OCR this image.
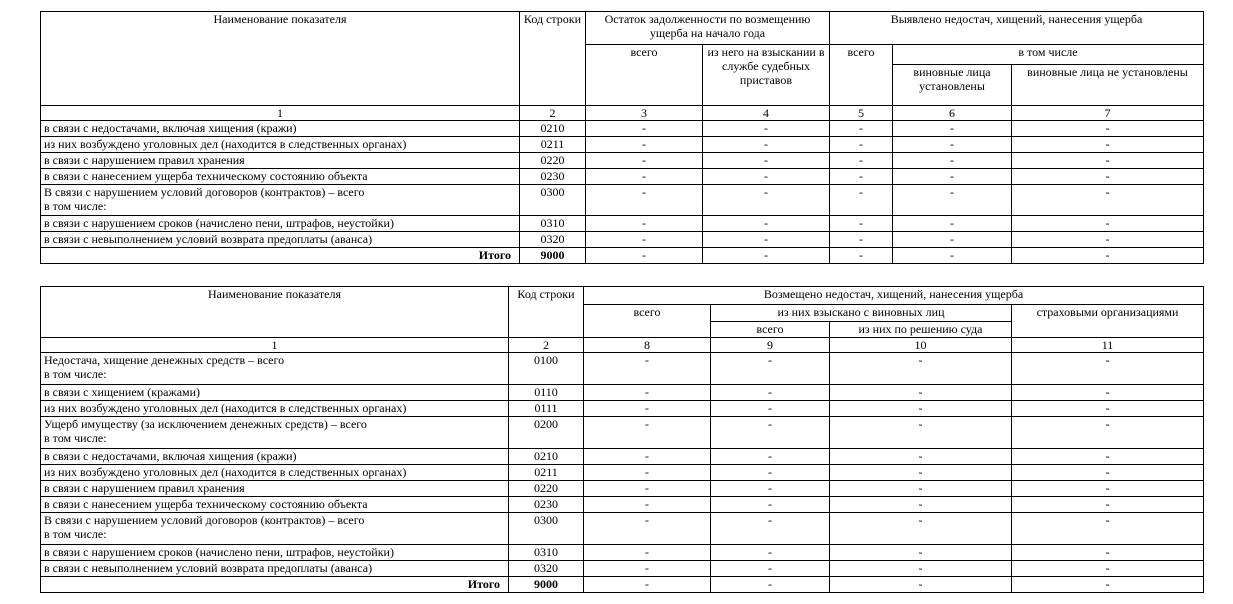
Наименование показателя	Код строки	Остаток задолженности по возмещению ущерба на начало года		Выявлено недостач, хищений, нанесения ущерба		
		всего	из него на взыскании в службе судебных приставов	всего	в том числе	
					виновные лица установлены	виновные лица не установлены
1	2	3	4	5	6	7
в связи с недостачами, включая хищения (кражи)	0210	-	-	-	-	-
из них возбуждено уголовных дел (находится в следственных органах)	0211	-	-	-	-	-
в связи с нарушением правил хранения	0220	-	-	-	-	-
в связи с нанесением ущерба техническому состоянию объекта	0230	-	-	-	-	-

В связи с нарушением условий договоров (контрактов) – всего
в том числе:	0300	-	-	-	-	-
в связи с нарушением сроков (начислено пени, штрафов, неустойки)	0310	-	-	-	-	-
в связи с невыполнением условий возврата предоплаты (аванса)	0320	-	-	-	-	-
Итого	9000	-	-	-	-	-
Наименование показателя	Код строки	Возмещено недостач, хищений, нанесения ущерба			
		всего	из них взыскано с виновных лиц		страховыми организациями
			всего	из них по решению суда	
1	2	8	9	10	11

Недостача, хищение денежных средств – всего
в том числе:	0100	-	-	-	-
в связи с хищением (кражами)	0110	-	-	-	-
из них возбуждено уголовных дел (находится в следственных органах)	0111	-	-	-	-

Ущерб имуществу (за исключением денежных средств) – всего
в том числе:	0200	-	-	-	-
в связи с недостачами, включая хищения (кражи)	0210	-	-	-	-
из них возбуждено уголовных дел (находится в следственных органах)	0211	-	-	-	-
в связи с нарушением правил хранения	0220	-	-	-	-
в связи с нанесением ущерба техническому состоянию объекта	0230	-	-	-	-

В связи с нарушением условий договоров (контрактов) – всего
в том числе:	0300	-	-	-	-
в связи с нарушением сроков (начислено пени, штрафов, неустойки)	0310	-	-	-	-
в связи с невыполнением условий возврата предоплаты (аванса)	0320	-	-	-	-
Итого	9000	-	-	-	-
